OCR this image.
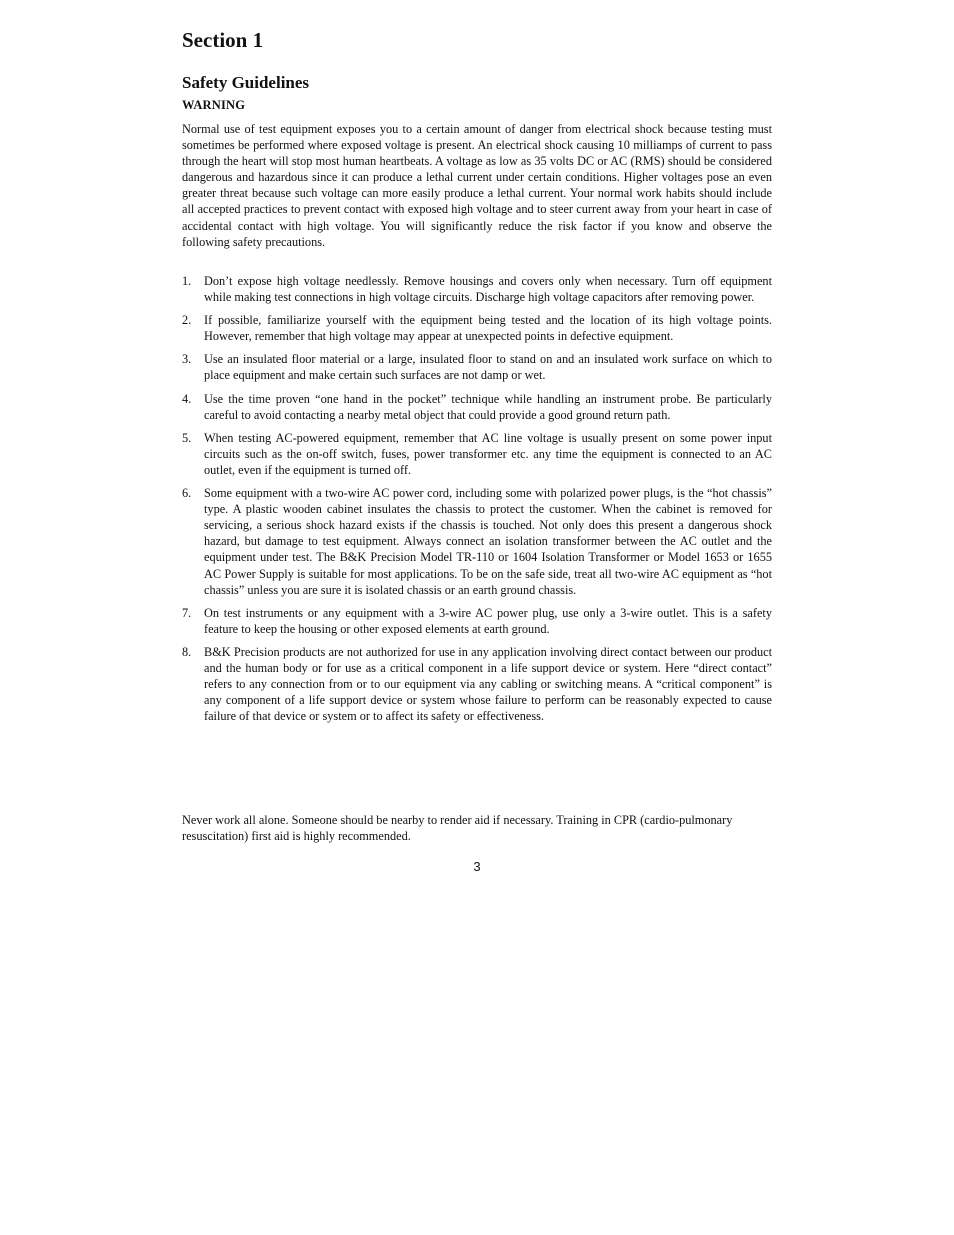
Section 1
Safety Guidelines
WARNING

Normal use of test equipment exposes you to a certain amount of danger from electrical shock because testing must sometimes be performed where exposed voltage is present. An electrical shock causing 10 milliamps of current to pass through the heart will stop most human heartbeats. A voltage as low as 35 volts DC or AC (RMS) should be considered dangerous and hazardous since it can produce a lethal current under certain conditions. Higher voltages pose an even greater threat because such voltage can more easily produce a lethal current. Your normal work habits should include all accepted practices to prevent contact with exposed high voltage and to steer current away from your heart in case of accidental contact with high voltage. You will significantly reduce the risk factor if you know and observe the following safety precautions.

1. Don’t expose high voltage needlessly. Remove housings and covers only when necessary. Turn off equipment while making test connections in high voltage circuits. Discharge high voltage capacitors after removing power.
2. If possible, familiarize yourself with the equipment being tested and the location of its high voltage points. However, remember that high voltage may appear at unexpected points in defective equipment.
3. Use an insulated floor material or a large, insulated floor to stand on and an insulated work surface on which to place equipment and make certain such surfaces are not damp or wet.
4. Use the time proven “one hand in the pocket” technique while handling an instrument probe. Be particularly careful to avoid contacting a nearby metal object that could provide a good ground return path.
5. When testing AC-powered equipment, remember that AC line voltage is usually present on some power input circuits such as the on-off switch, fuses, power transformer etc. any time the equipment is connected to an AC outlet, even if the equipment is turned off.
6. Some equipment with a two-wire AC power cord, including some with polarized power plugs, is the “hot chassis” type. A plastic wooden cabinet insulates the chassis to protect the customer. When the cabinet is removed for servicing, a serious shock hazard exists if the chassis is touched. Not only does this present a dangerous shock hazard, but damage to test equipment. Always connect an isolation transformer between the AC outlet and the equipment under test. The B&K Precision Model TR-110 or 1604 Isolation Transformer or Model 1653 or 1655 AC Power Supply is suitable for most applications. To be on the safe side, treat all two-wire AC equipment as “hot chassis” unless you are sure it is isolated chassis or an earth ground chassis.
7. On test instruments or any equipment with a 3-wire AC power plug, use only a 3-wire outlet. This is a safety feature to keep the housing or other exposed elements at earth ground.
8. B&K Precision products are not authorized for use in any application involving direct contact between our product and the human body or for use as a critical component in a life support device or system. Here “direct contact” refers to any connection from or to our equipment via any cabling or switching means. A “critical component” is any component of a life support device or system whose failure to perform can be reasonably expected to cause failure of that device or system or to affect its safety or effectiveness.

Never work all alone. Someone should be nearby to render aid if necessary. Training in CPR (cardio-pulmonary resuscitation) first aid is highly recommended.

3
